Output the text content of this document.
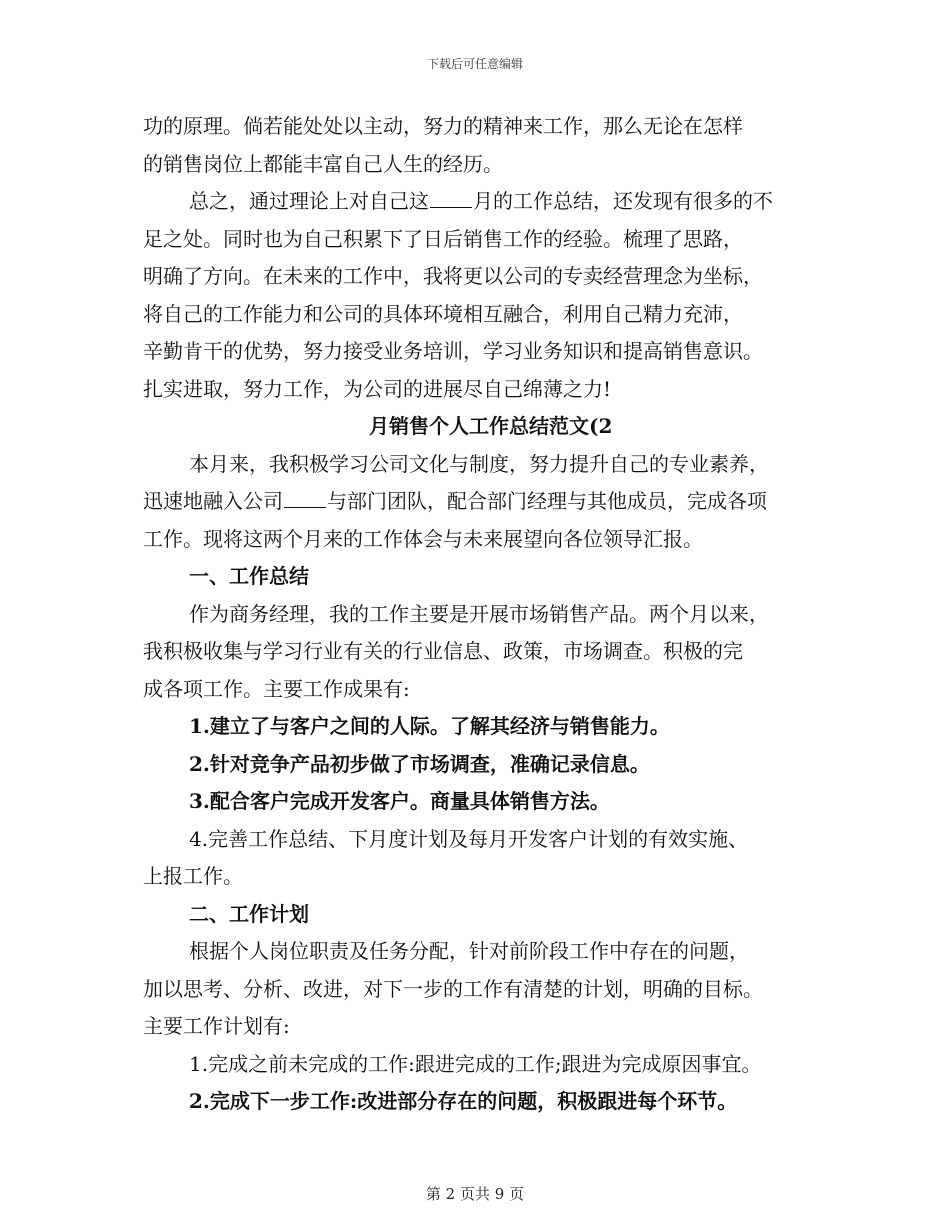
下载后可任意编辑
功的原理。倘若能处处以主动，努力的精神来工作，那么无论在怎样
的销售岗位上都能丰富自己人生的经历。
总之，通过理论上对自己这 月的工作总结，还发现有很多的不
足之处。同时也为自己积累下了日后销售工作的经验。梳理了思路，
明确了方向。在未来的工作中，我将更以公司的专卖经营理念为坐标，
将自己的工作能力和公司的具体环境相互融合，利用自己精力充沛，
辛勤肯干的优势，努力接受业务培训，学习业务知识和提高销售意识。
扎实进取，努力工作，为公司的进展尽自己绵薄之力!
月销售个人工作总结范文(2
本月来，我积极学习公司文化与制度，努力提升自己的专业素养，
迅速地融入公司 与部门团队，配合部门经理与其他成员，完成各项
工作。现将这两个月来的工作体会与未来展望向各位领导汇报。
一、工作总结
作为商务经理，我的工作主要是开展市场销售产品。两个月以来，
我积极收集与学习行业有关的行业信息、政策，市场调查。积极的完
成各项工作。主要工作成果有:
1.建立了与客户之间的人际。了解其经济与销售能力。
2.针对竞争产品初步做了市场调查，准确记录信息。
3.配合客户完成开发客户。商量具体销售方法。
4.完善工作总结、下月度计划及每月开发客户计划的有效实施、
上报工作。
二、工作计划
根据个人岗位职责及任务分配，针对前阶段工作中存在的问题，
加以思考、分析、改进，对下一步的工作有清楚的计划，明确的目标。
主要工作计划有:
1.完成之前未完成的工作:跟进完成的工作;跟进为完成原因事宜。
2.完成下一步工作:改进部分存在的问题，积极跟进每个环节。
第 2 页共 9 页
